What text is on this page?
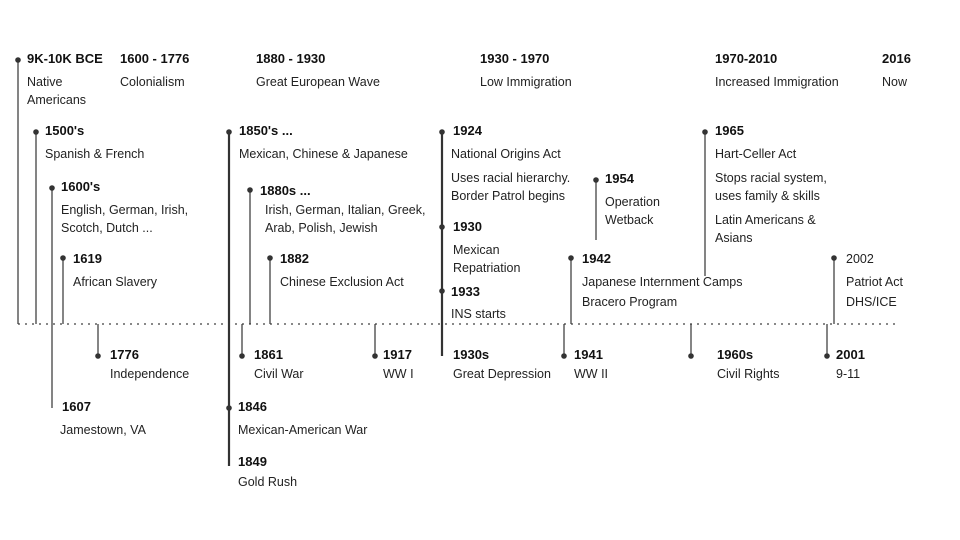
9K-10K BCE
Native
Americans
1600 - 1776
Colonialism
1880 - 1930
Great European Wave
1930 - 1970
Low Immigration
1970-2010
Increased Immigration
2016
Now
1500's
Spanish & French
1600's
English, German, Irish,
Scotch, Dutch ...
1619
African Slavery
1850's ...
Mexican, Chinese & Japanese
1880s ...
Irish, German, Italian, Greek,
Arab, Polish, Jewish
1882
Chinese Exclusion Act
1924
National Origins Act
Uses racial hierarchy.
Border Patrol begins
1930
Mexican
Repatriation
1933
INS starts
1954
Operation
Wetback
1942
Japanese Internment Camps
Bracero Program
1965
Hart-Celler Act
Stops racial system,
uses family & skills
Latin Americans &
Asians
2002
Patriot Act
DHS/ICE
1776
Independence
1607
Jamestown, VA
1861
Civil War
1846
Mexican-American War
1849
Gold Rush
1917
WW I
1930s
Great Depression
1941
WW II
1960s
Civil Rights
2001
9-11
